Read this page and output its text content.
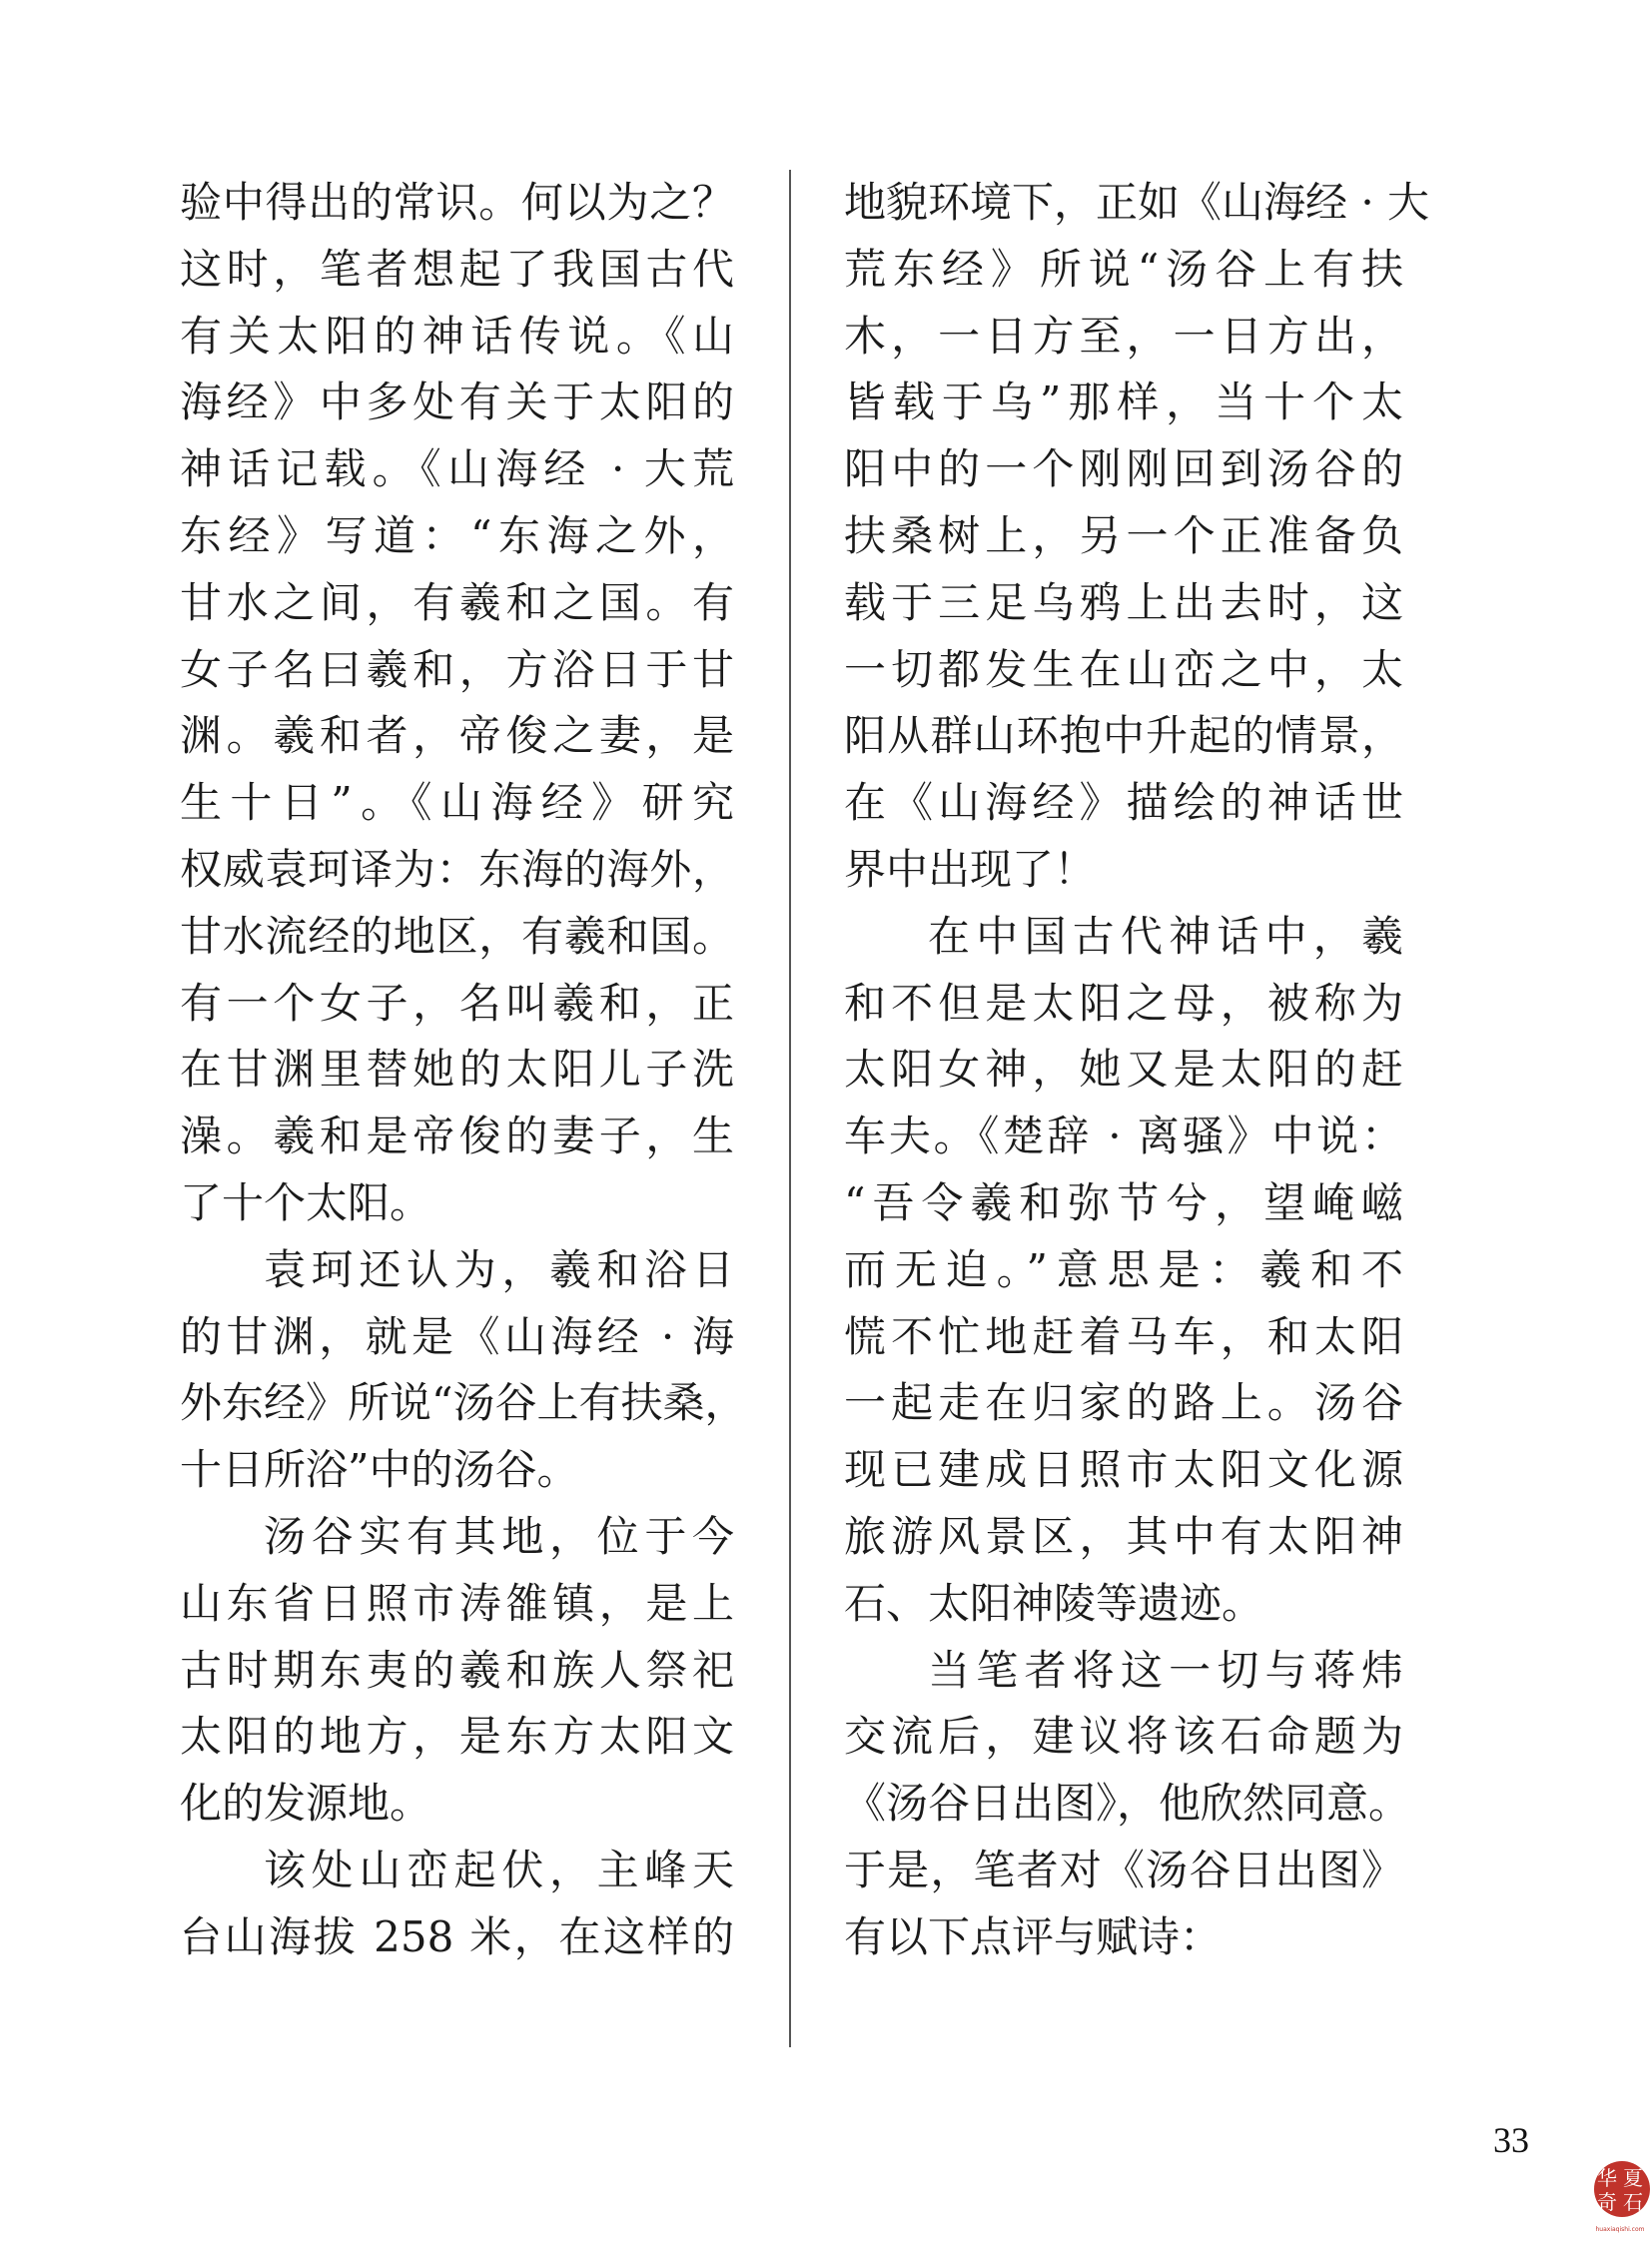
验中得出的常识。何以为之？
这时，笔者想起了我国古代
有关太阳的神话传说。《山
海经》中多处有关于太阳的
神话记载。《山海经 · 大荒
东经》写道：“东海之外，
甘水之间，有羲和之国。有
女子名曰羲和，方浴日于甘
渊。羲和者，帝俊之妻，是
生十日”。《山海经》研究
权威袁珂译为：东海的海外，
甘水流经的地区，有羲和国。
有一个女子，名叫羲和，正
在甘渊里替她的太阳儿子洗
澡。羲和是帝俊的妻子，生
了十个太阳。
袁珂还认为，羲和浴日
的甘渊，就是《山海经 · 海
外东经》所说“汤谷上有扶桑，
十日所浴”中的汤谷。
汤谷实有其地，位于今
山东省日照市涛雒镇，是上
古时期东夷的羲和族人祭祀
太阳的地方，是东方太阳文
化的发源地。
该处山峦起伏，主峰天
台山海拔 258 米，在这样的
地貌环境下，正如《山海经 · 大
荒东经》所说“汤谷上有扶
木，一日方至，一日方出，
皆载于乌”那样，当十个太
阳中的一个刚刚回到汤谷的
扶桑树上，另一个正准备负
载于三足乌鸦上出去时，这
一切都发生在山峦之中，太
阳从群山环抱中升起的情景，
在《山海经》描绘的神话世
界中出现了！
在中国古代神话中，羲
和不但是太阳之母，被称为
太阳女神，她又是太阳的赶
车夫。《楚辞 · 离骚》中说：
“吾令羲和弥节兮，望崦嵫
而无迫。”意思是：羲和不
慌不忙地赶着马车，和太阳
一起走在归家的路上。汤谷
现已建成日照市太阳文化源
旅游风景区，其中有太阳神
石、太阳神陵等遗迹。
当笔者将这一切与蒋炜
交流后，建议将该石命题为
《汤谷日出图》，他欣然同意。
于是，笔者对《汤谷日出图》
有以下点评与赋诗：
33
华 夏
奇 石
huaxiaqishi.com
